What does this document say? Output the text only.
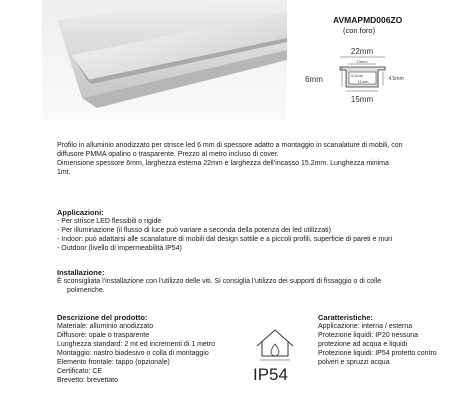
AVMAPMD006ZO
(con foro)
22mm
13mm
6mm	5.2mm
11mm	4.5mm
15mm
Profilo in alluminio anodizzato per strisce led 6 mm di spessore adatto a montaggio in scanalature di mobili, con
diffusore PMMA opalino o trasparente. Prezzo al metro incluso di cover.
Dimensione spessore 6mm, larghezza esterna 22mm e larghezza dell’incasso 15.2mm. Lunghezza minima
1mt.
Applicazioni:
- Per strisce LED flessibili o rigide
- Per illuminazione (il flusso di luce può variare a seconda della potenza dei led utilizzati)
- Indoor: può adattarsi alle scanalature di mobili dal design sottile e a piccoli profili, superficie di pareti e muri
- Outdoor (livello di impermeabilità IP54)
Installazione:
È sconsigliata l’installazione con l’utilizzo delle viti. Si consiglia l’utilizzo dei supporti di fissaggio o di colle
polimeriche.
Descrizione del prodotto:
Materiale: alluminio anodizzato
Diffusore: opale o trasparente
Lunghezza standard: 2 mt ed incrementi di 1 metro
Montaggio: nastro biadesivo o colla di montaggio
Elemento frontale: tappo (opzionale)
Certificato: CE
Brevetto: brevettato	IP54
Caratteristiche:
Applicazione: interna / esterna
Protezione liquidi: IP20 nessuna
protezione ad acqua e liquidi
Protezione liquidi: IP54 protetto contro
polveri e spruzzi acqua
